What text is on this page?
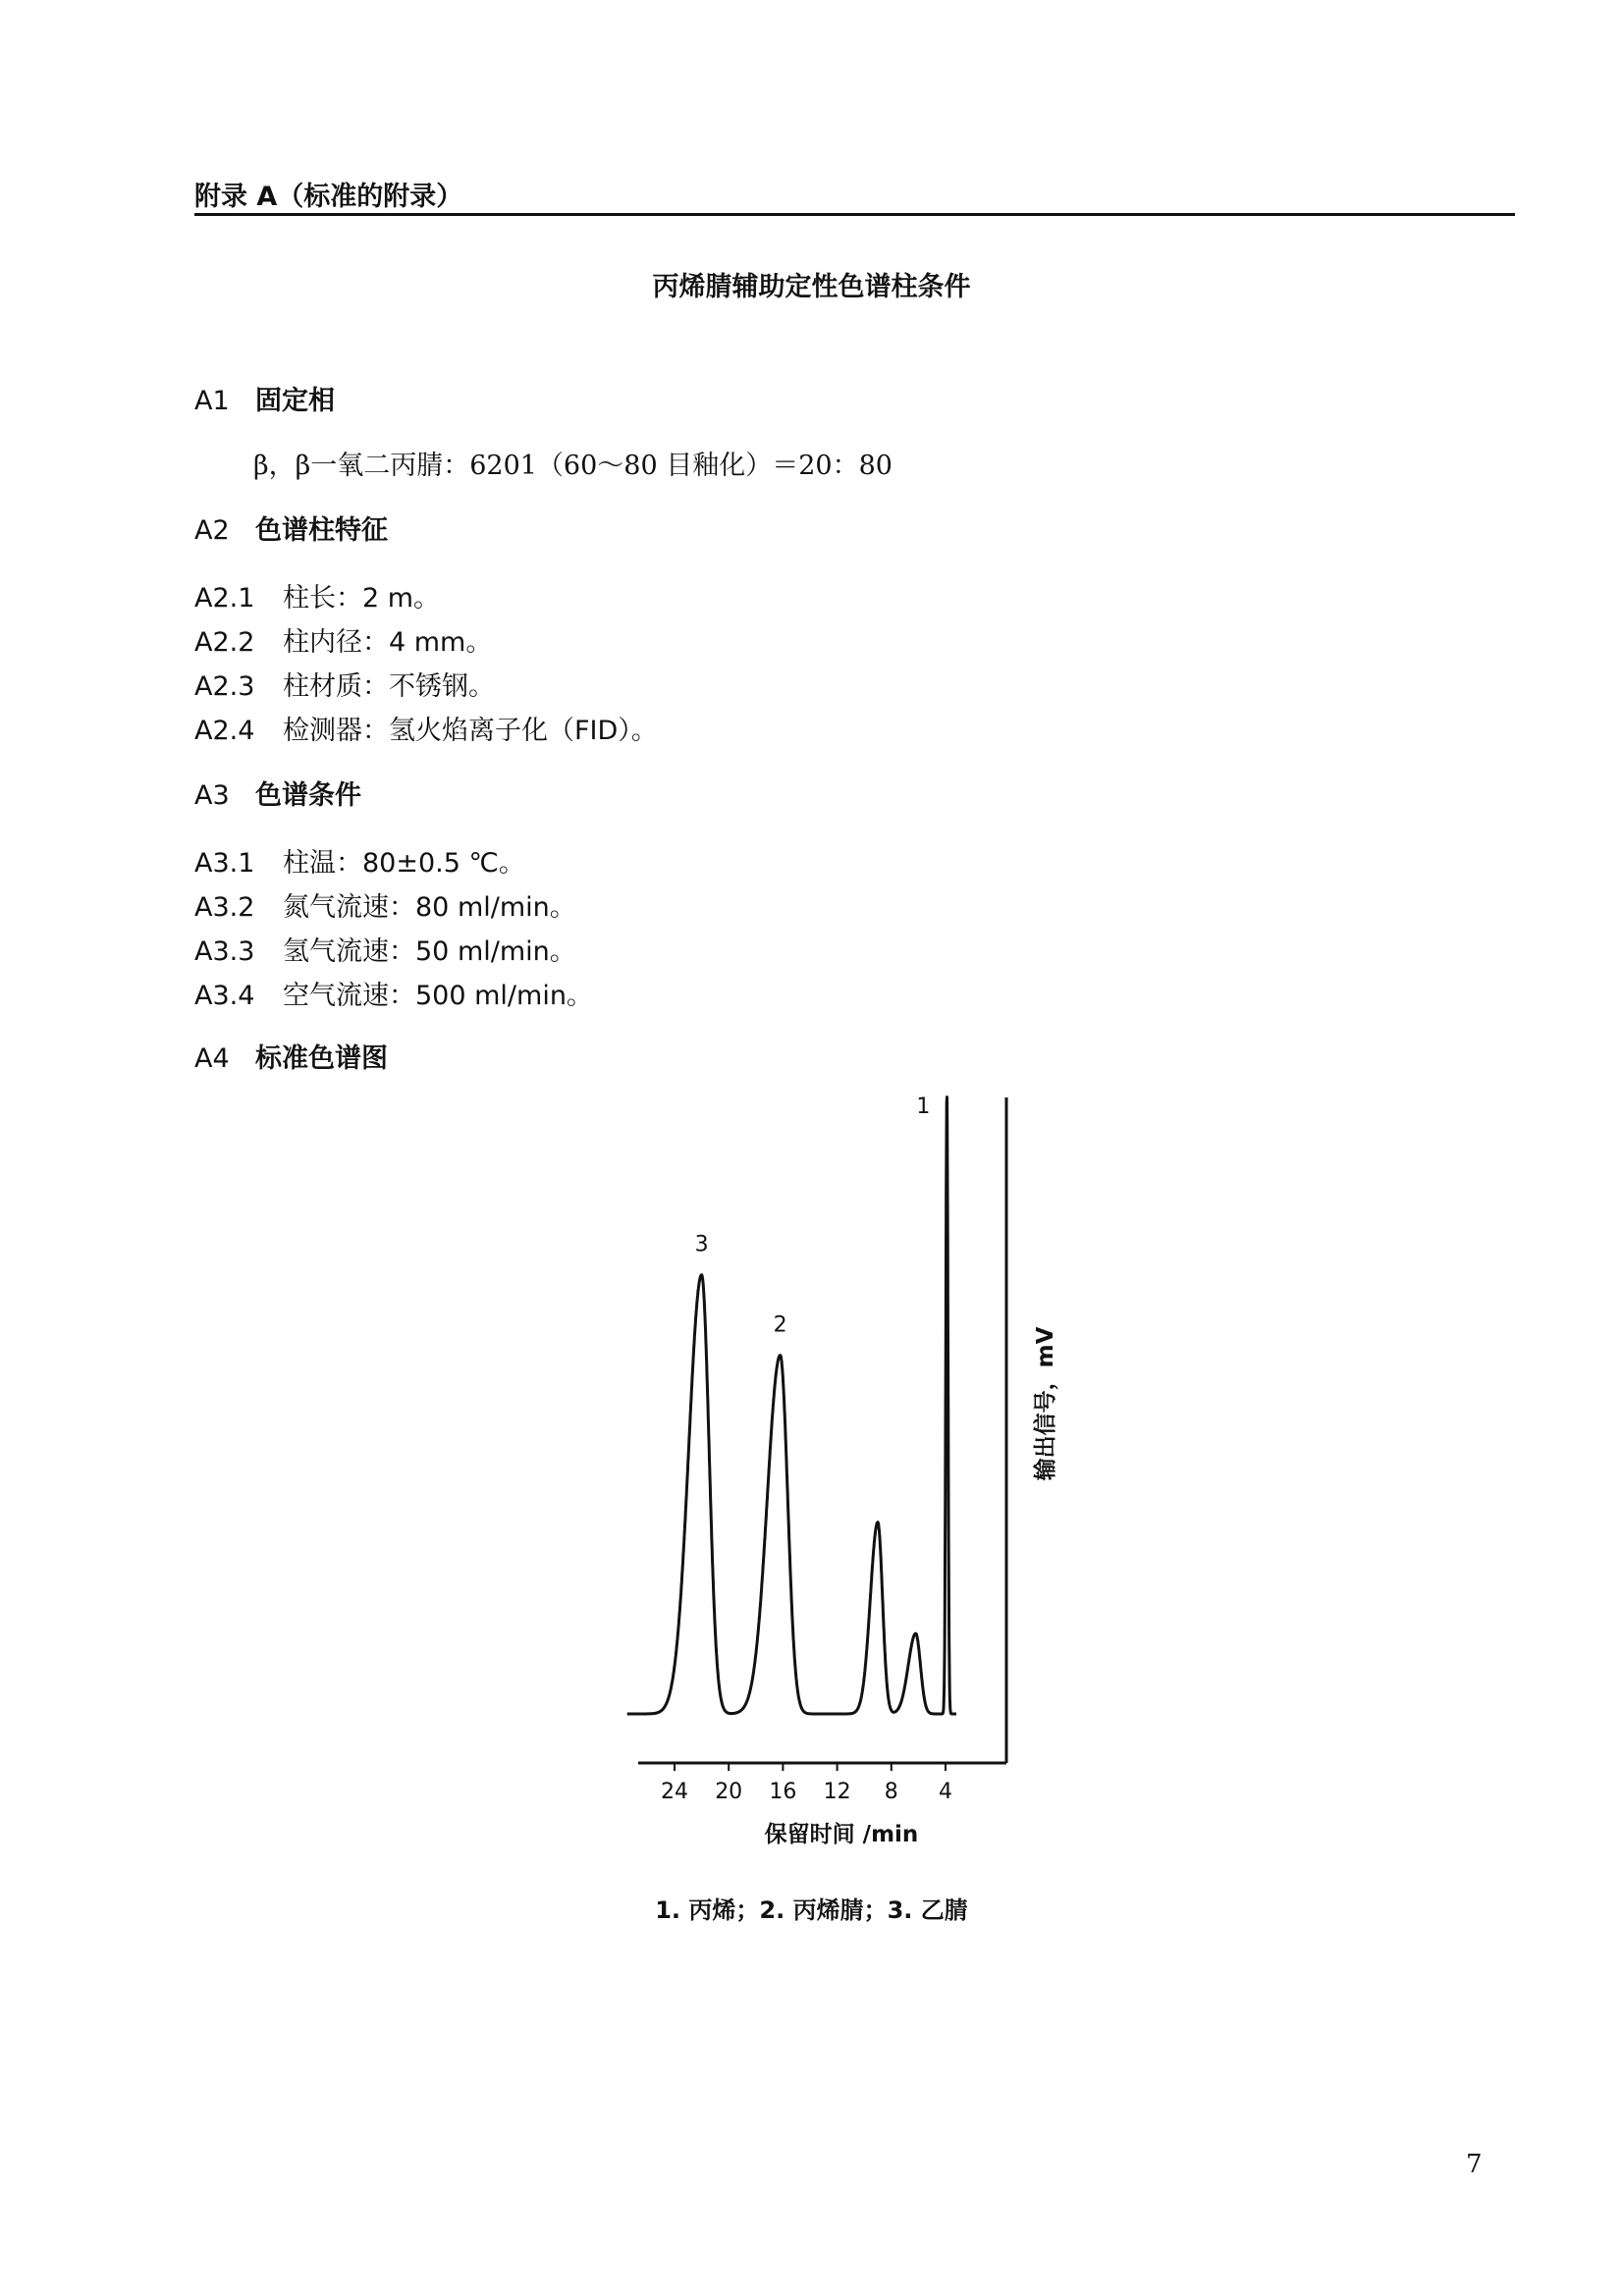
附录 A（标准的附录）
丙烯腈辅助定性色谱柱条件
A1 固定相
β，β一氧二丙腈：6201（60～80 目釉化）＝20：80
A2 色谱柱特征
A2.1 柱长：2 m。
A2.2 柱内径：4 mm。
A2.3 柱材质：不锈钢。
A2.4 检测器：氢火焰离子化（FID）。
A3 色谱条件
A3.1 柱温：80±0.5 ℃。
A3.2 氮气流速：80 ml/min。
A3.3 氢气流速：50 ml/min。
A3.4 空气流速：500 ml/min。
A4 标准色谱图
24 20 16 12 8 4
1
3
2
保留时间 /min
输出信号，mV
1. 丙烯；2. 丙烯腈；3. 乙腈
7
